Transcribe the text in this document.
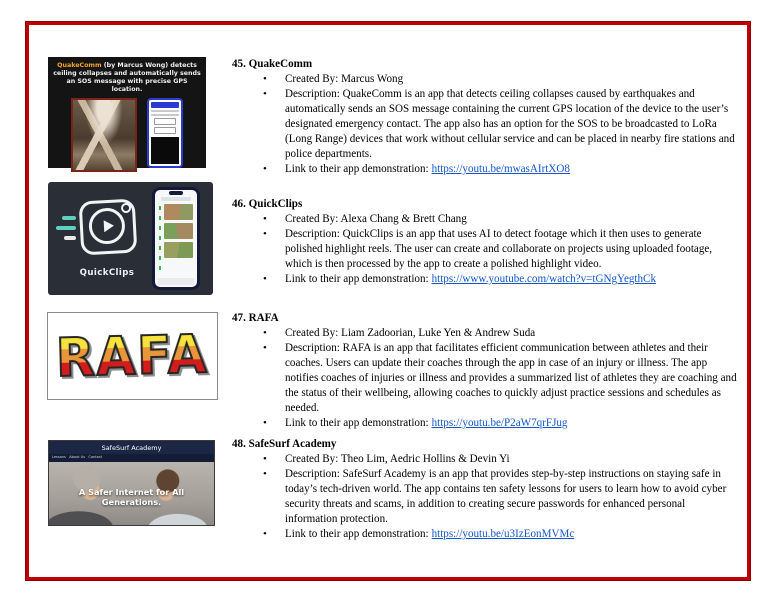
QuakeComm (by Marcus Wong) detects ceiling collapses and automatically sends an SOS message with precise GPS location.
45. QuakeComm
• Created By: Marcus Wong
• Description: QuakeComm is an app that detects ceiling collapses caused by earthquakes and automatically sends an SOS message containing the current GPS location of the device to the user’s designated emergency contact. The app also has an option for the SOS to be broadcasted to LoRa (Long Range) devices that work without cellular service and can be placed in nearby fire stations and police departments.
• Link to their app demonstration: https://youtu.be/mwasAIrtXO8
QuickClips
46. QuickClips
• Created By: Alexa Chang & Brett Chang
• Description: QuickClips is an app that uses AI to detect footage which it then uses to generate polished highlight reels. The user can create and collaborate on projects using uploaded footage, which is then processed by the app to create a polished highlight video.
• Link to their app demonstration: https://www.youtube.com/watch?v=tGNgYegthCk
RAFA
47. RAFA
• Created By: Liam Zadoorian, Luke Yen & Andrew Suda
• Description: RAFA is an app that facilitates efficient communication between athletes and their coaches. Users can update their coaches through the app in case of an injury or illness. The app notifies coaches of injuries or illness and provides a summarized list of athletes they are coaching and the status of their wellbeing, allowing coaches to quickly adjust practice sessions and schedules as needed.
• Link to their app demonstration: https://youtu.be/P2aW7qrFJug
SafeSurf Academy
Lessons   About Us   Contact
A Safer Internet for All Generations.
48. SafeSurf Academy
• Created By: Theo Lim, Aedric Hollins & Devin Yi
• Description: SafeSurf Academy is an app that provides step-by-step instructions on staying safe in today’s tech-driven world. The app contains ten safety lessons for users to learn how to avoid cyber security threats and scams, in addition to creating secure passwords for enhanced personal information protection.
• Link to their app demonstration: https://youtu.be/u3IzEonMVMc
